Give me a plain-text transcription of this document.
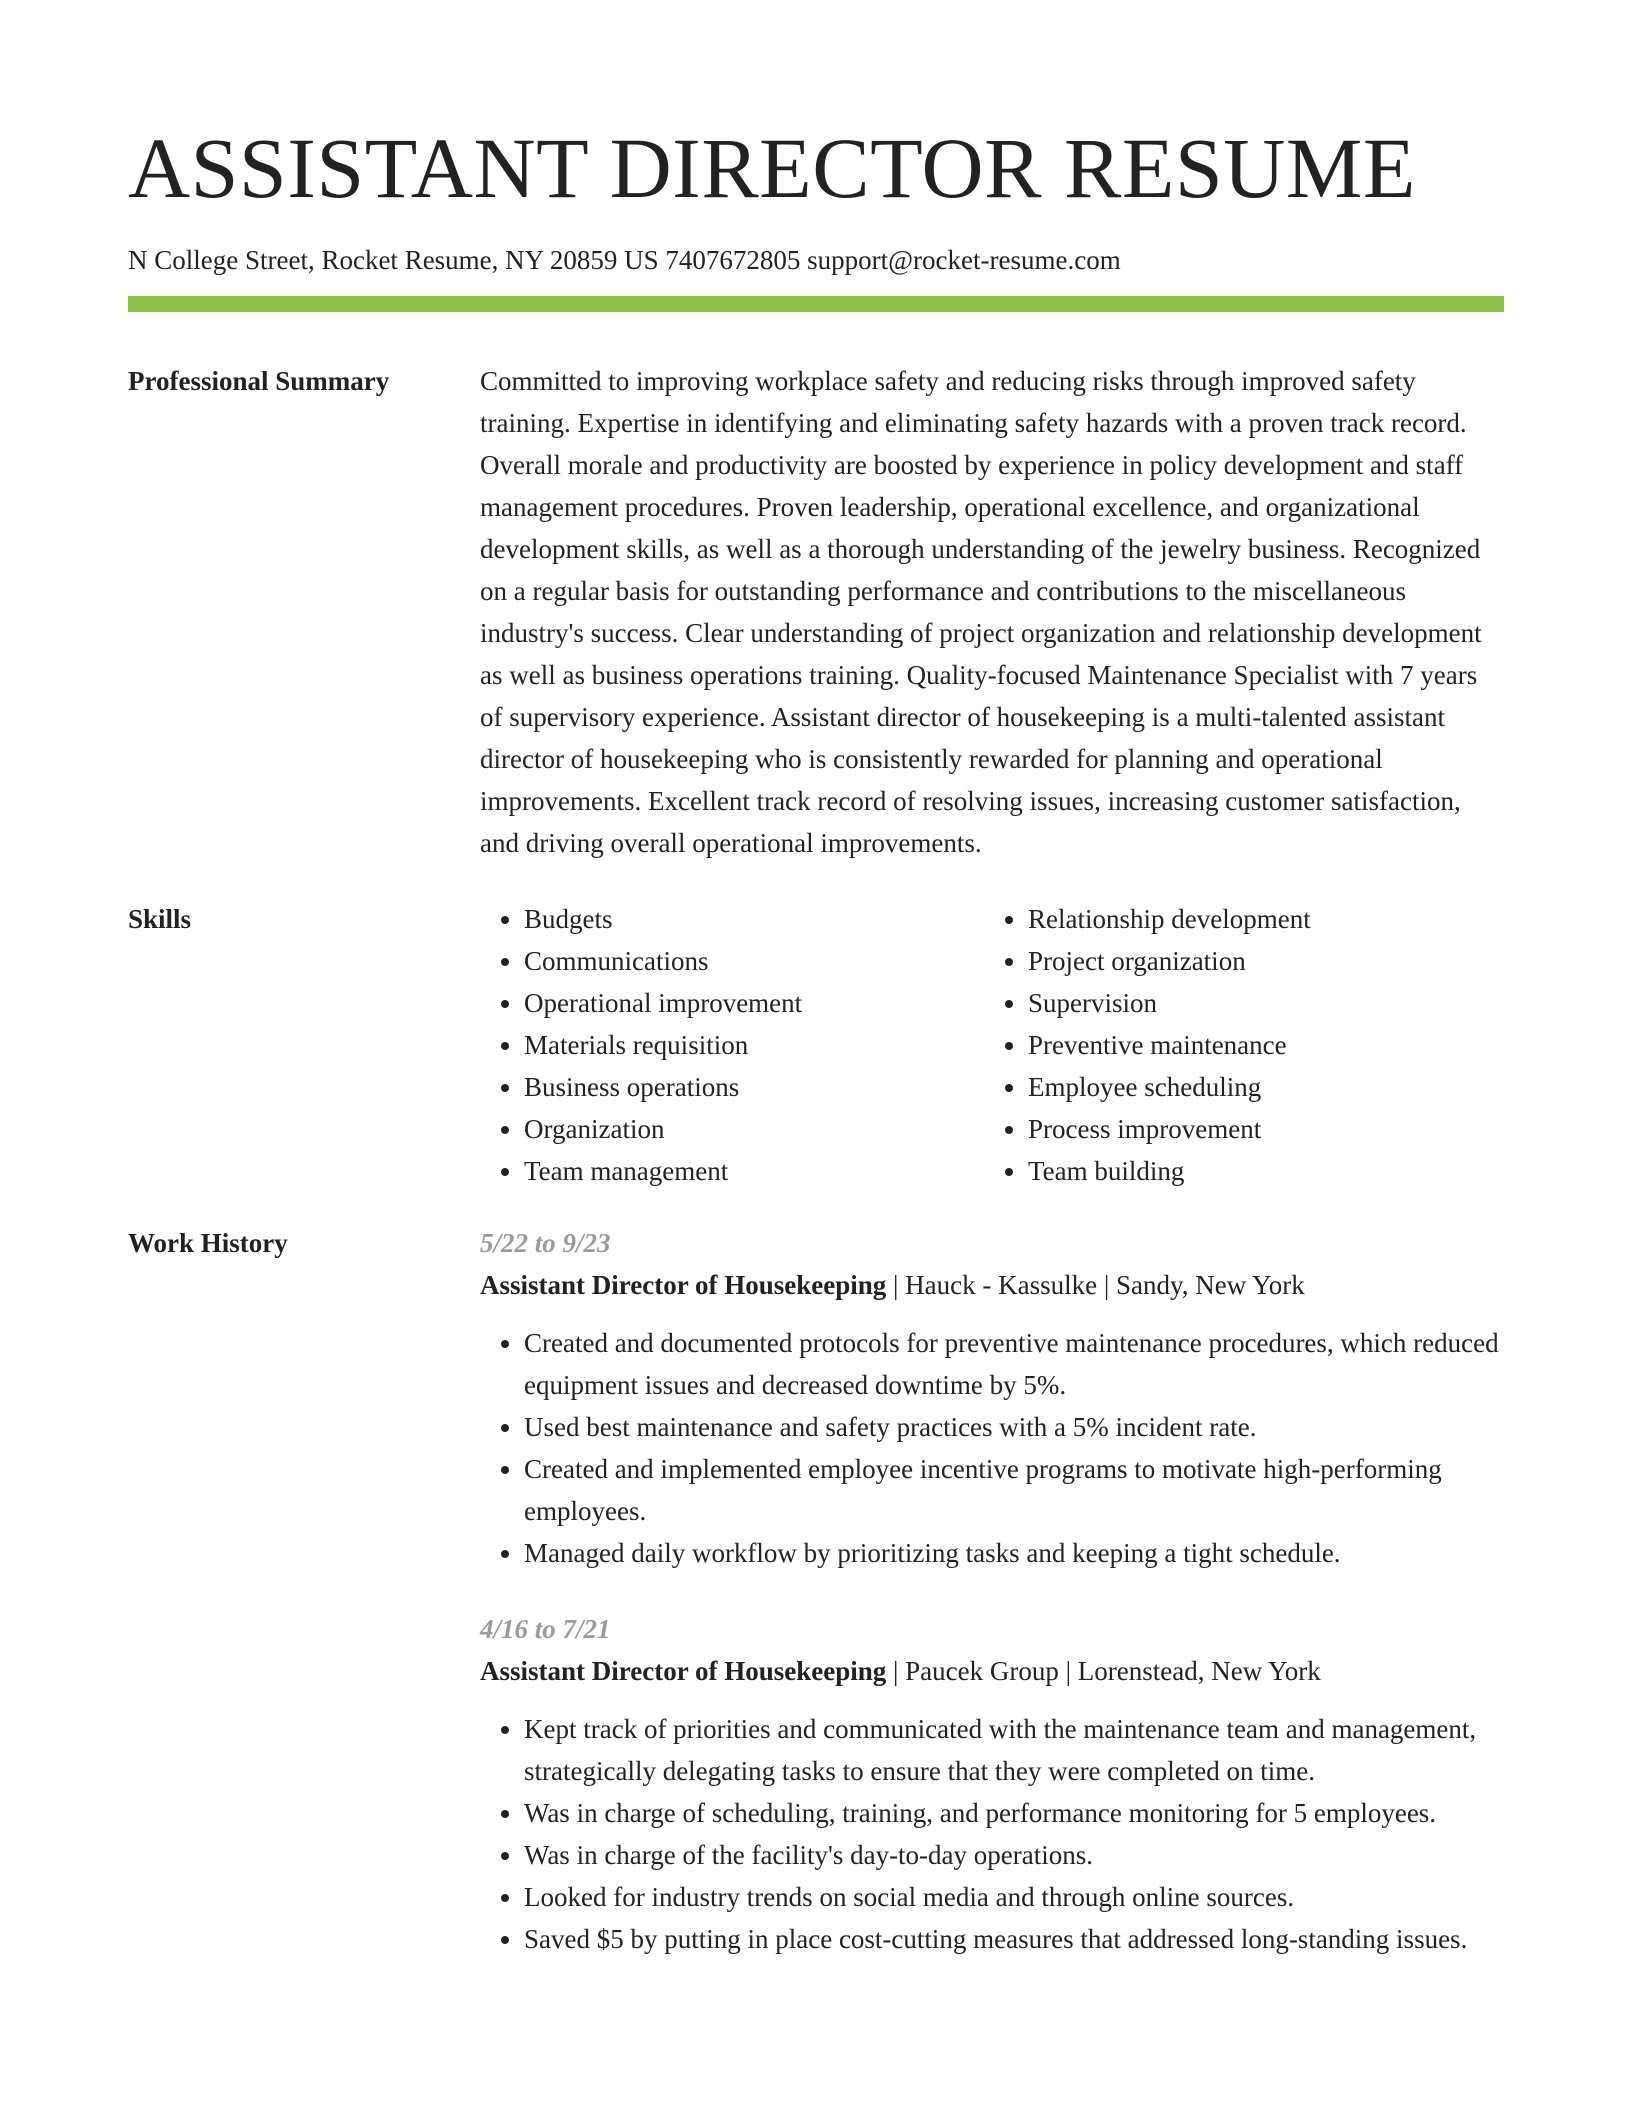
ASSISTANT DIRECTOR RESUME
N College Street, Rocket Resume, NY 20859 US 7407672805 support@rocket-resume.com
Professional Summary	Committed to improving workplace safety and reducing risks through improved safety training. Expertise in identifying and eliminating safety hazards with a proven track record. Overall morale and productivity are boosted by experience in policy development and staff management procedures. Proven leadership, operational excellence, and organizational development skills, as well as a thorough understanding of the jewelry business. Recognized on a regular basis for outstanding performance and contributions to the miscellaneous industry's success. Clear understanding of project organization and relationship development as well as business operations training. Quality-focused Maintenance Specialist with 7 years of supervisory experience. Assistant director of housekeeping is a multi-talented assistant director of housekeeping who is consistently rewarded for planning and operational improvements. Excellent track record of resolving issues, increasing customer satisfaction, and driving overall operational improvements.
Skills
•	Budgets
• Communications
• Operational improvement
• Materials requisition
• Business operations
• Organization
• Team management
• Relationship development
• Project organization
• Supervision
• Preventive maintenance
• Employee scheduling
• Process improvement
• Team building
Work History	5/22 to 9/23
Assistant Director of Housekeeping | Hauck - Kassulke | Sandy, New York
• Created and documented protocols for preventive maintenance procedures, which reduced equipment issues and decreased downtime by 5%.
• Used best maintenance and safety practices with a 5% incident rate.
• Created and implemented employee incentive programs to motivate high-performing employees.
• Managed daily workflow by prioritizing tasks and keeping a tight schedule.
4/16 to 7/21
Assistant Director of Housekeeping | Paucek Group | Lorenstead, New York
• Kept track of priorities and communicated with the maintenance team and management, strategically delegating tasks to ensure that they were completed on time.
• Was in charge of scheduling, training, and performance monitoring for 5 employees.
• Was in charge of the facility's day-to-day operations.
• Looked for industry trends on social media and through online sources.
• Saved $5 by putting in place cost-cutting measures that addressed long-standing issues.
